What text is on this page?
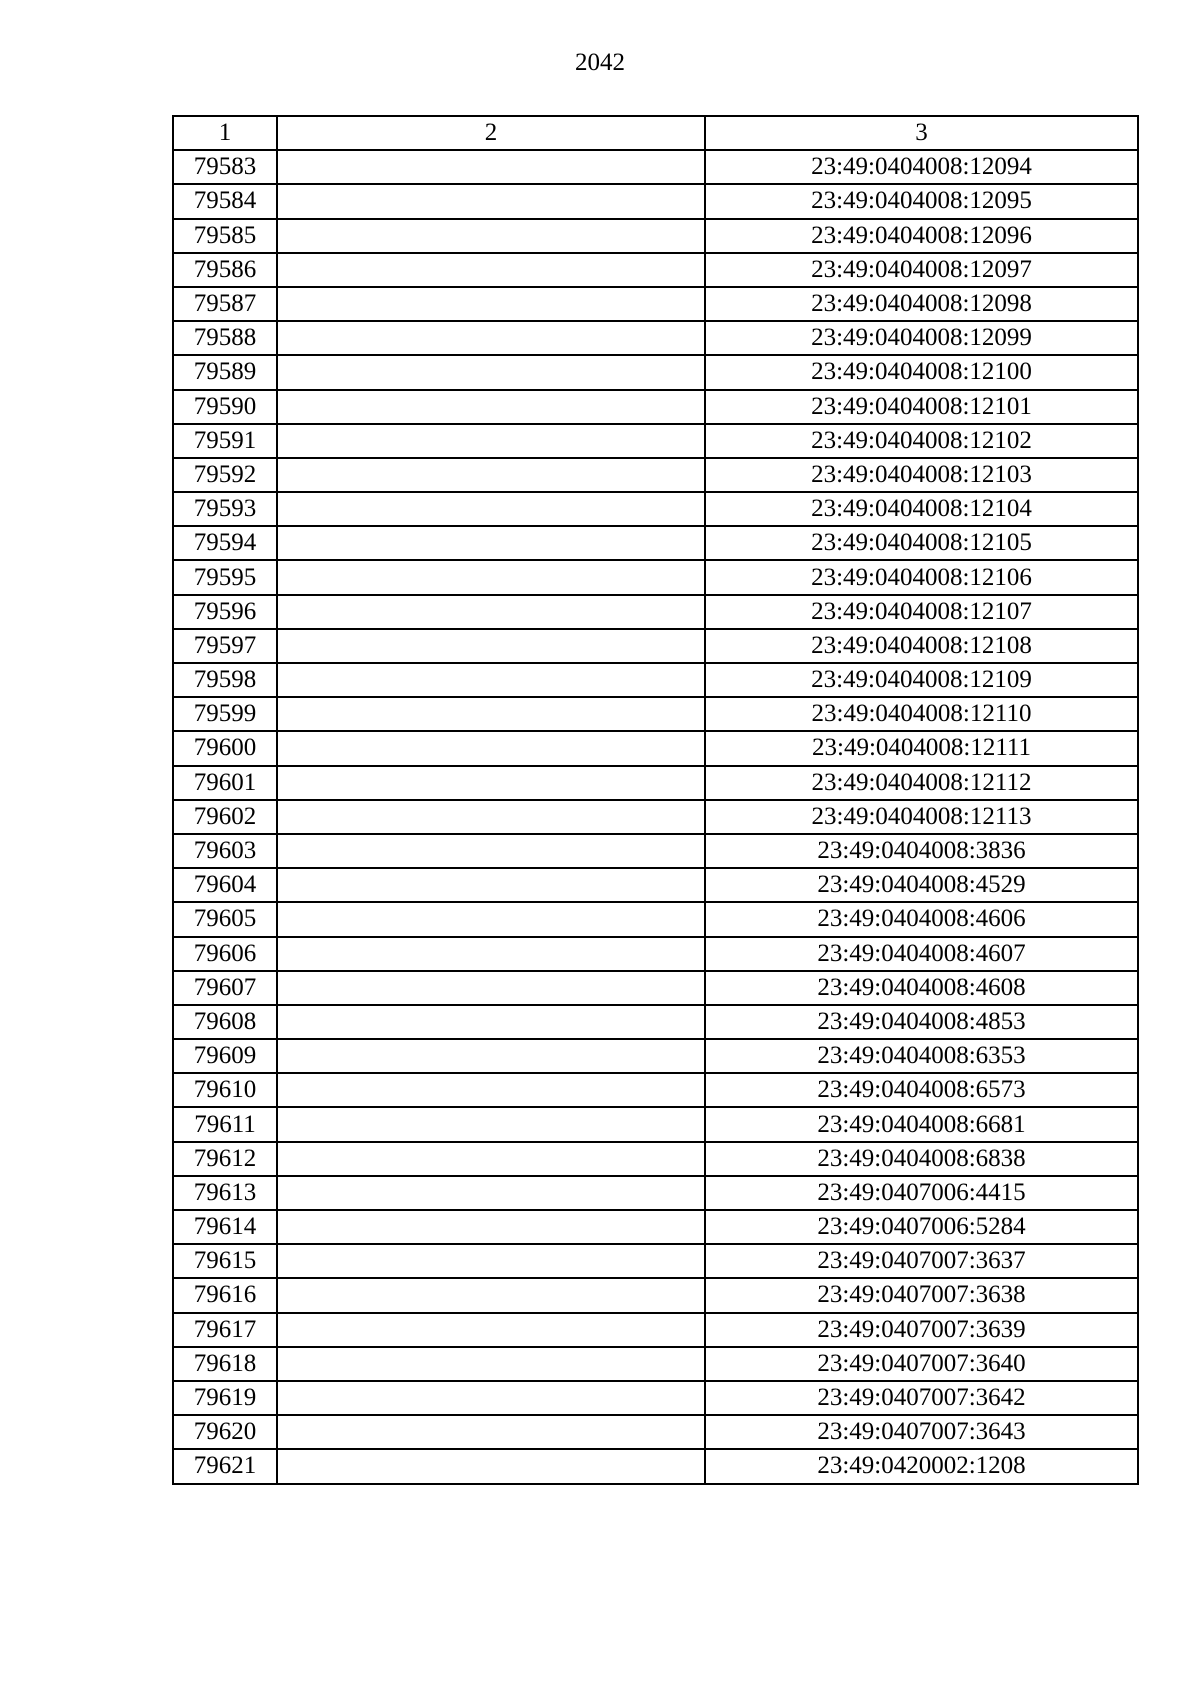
2042
1	2	3
79583		23:49:0404008:12094
79584		23:49:0404008:12095
79585		23:49:0404008:12096
79586		23:49:0404008:12097
79587		23:49:0404008:12098
79588		23:49:0404008:12099
79589		23:49:0404008:12100
79590		23:49:0404008:12101
79591		23:49:0404008:12102
79592		23:49:0404008:12103
79593		23:49:0404008:12104
79594		23:49:0404008:12105
79595		23:49:0404008:12106
79596		23:49:0404008:12107
79597		23:49:0404008:12108
79598		23:49:0404008:12109
79599		23:49:0404008:12110
79600		23:49:0404008:12111
79601		23:49:0404008:12112
79602		23:49:0404008:12113
79603		23:49:0404008:3836
79604		23:49:0404008:4529
79605		23:49:0404008:4606
79606		23:49:0404008:4607
79607		23:49:0404008:4608
79608		23:49:0404008:4853
79609		23:49:0404008:6353
79610		23:49:0404008:6573
79611		23:49:0404008:6681
79612		23:49:0404008:6838
79613		23:49:0407006:4415
79614		23:49:0407006:5284
79615		23:49:0407007:3637
79616		23:49:0407007:3638
79617		23:49:0407007:3639
79618		23:49:0407007:3640
79619		23:49:0407007:3642
79620		23:49:0407007:3643
79621		23:49:0420002:1208
